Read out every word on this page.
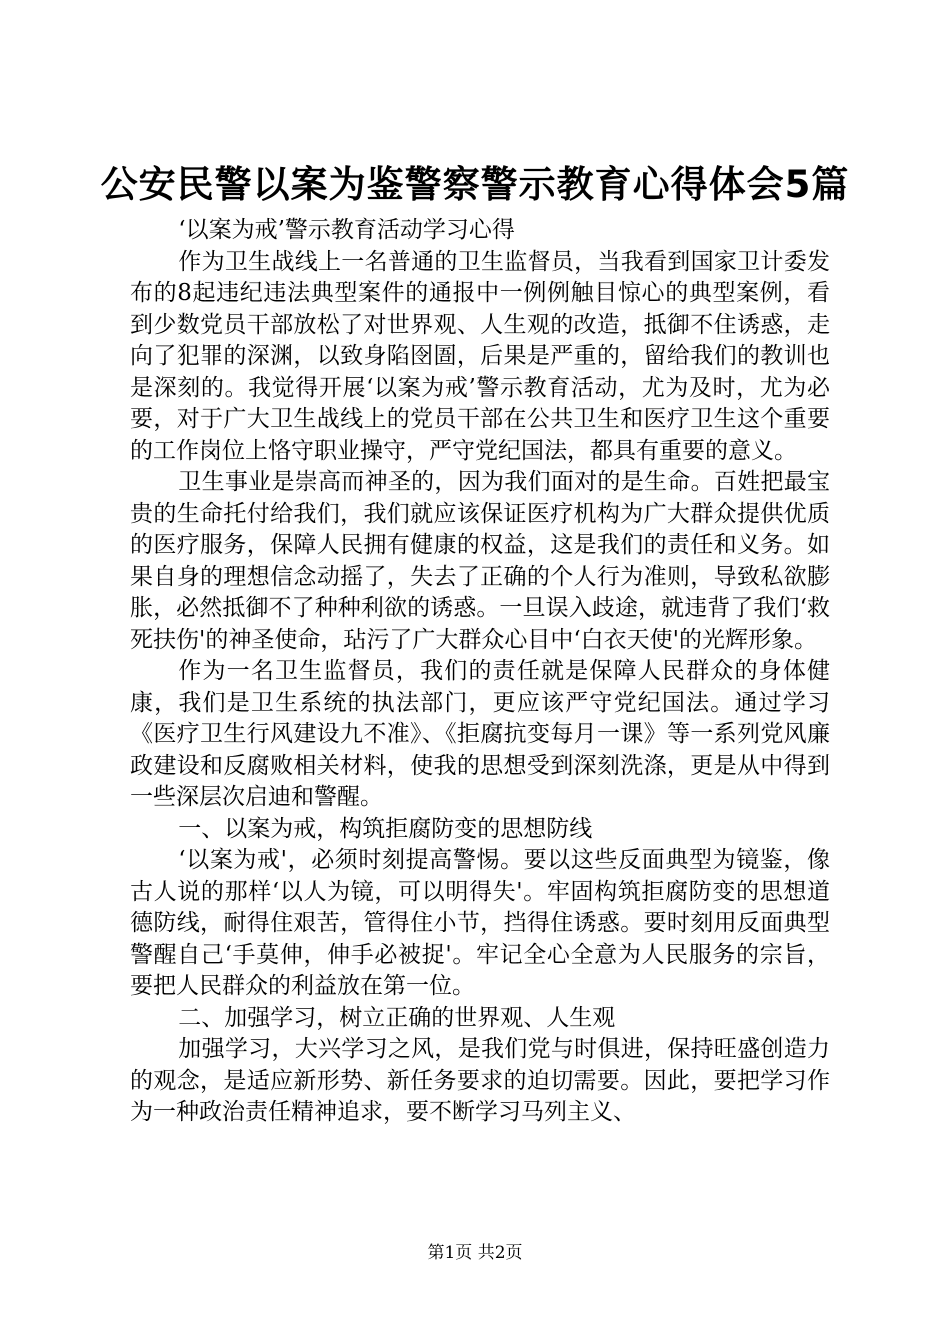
公安民警以案为鉴警察警示教育心得体会5篇

‘以案为戒’警示教育活动学习心得

作为卫生战线上一名普通的卫生监督员，当我看到国家卫计委发布的8起违纪违法典型案件的通报中一例例触目惊心的典型案例，看到少数党员干部放松了对世界观、人生观的改造，抵御不住诱惑，走向了犯罪的深渊，以致身陷囹圄，后果是严重的，留给我们的教训也是深刻的。我觉得开展‘以案为戒’警示教育活动，尤为及时，尤为必要，对于广大卫生战线上的党员干部在公共卫生和医疗卫生这个重要的工作岗位上恪守职业操守，严守党纪国法，都具有重要的意义。

卫生事业是崇高而神圣的，因为我们面对的是生命。百姓把最宝贵的生命托付给我们，我们就应该保证医疗机构为广大群众提供优质的医疗服务，保障人民拥有健康的权益，这是我们的责任和义务。如果自身的理想信念动摇了，失去了正确的个人行为准则，导致私欲膨胀，必然抵御不了种种利欲的诱惑。一旦误入歧途，就违背了我们‘救死扶伤'的神圣使命，玷污了广大群众心目中‘白衣天使'的光辉形象。

作为一名卫生监督员，我们的责任就是保障人民群众的身体健康，我们是卫生系统的执法部门，更应该严守党纪国法。通过学习《医疗卫生行风建设九不准》、《拒腐抗变每月一课》等一系列党风廉政建设和反腐败相关材料，使我的思想受到深刻洗涤，更是从中得到一些深层次启迪和警醒。

一、以案为戒，构筑拒腐防变的思想防线

‘以案为戒'，必须时刻提高警惕。要以这些反面典型为镜鉴，像古人说的那样‘以人为镜，可以明得失'。牢固构筑拒腐防变的思想道德防线，耐得住艰苦，管得住小节，挡得住诱惑。要时刻用反面典型警醒自己‘手莫伸，伸手必被捉'。牢记全心全意为人民服务的宗旨，要把人民群众的利益放在第一位。

二、加强学习，树立正确的世界观、人生观

加强学习，大兴学习之风，是我们党与时俱进，保持旺盛创造力的观念，是适应新形势、新任务要求的迫切需要。因此，要把学习作为一种政治责任精神追求，要不断学习马列主义、

第1页 共2页
